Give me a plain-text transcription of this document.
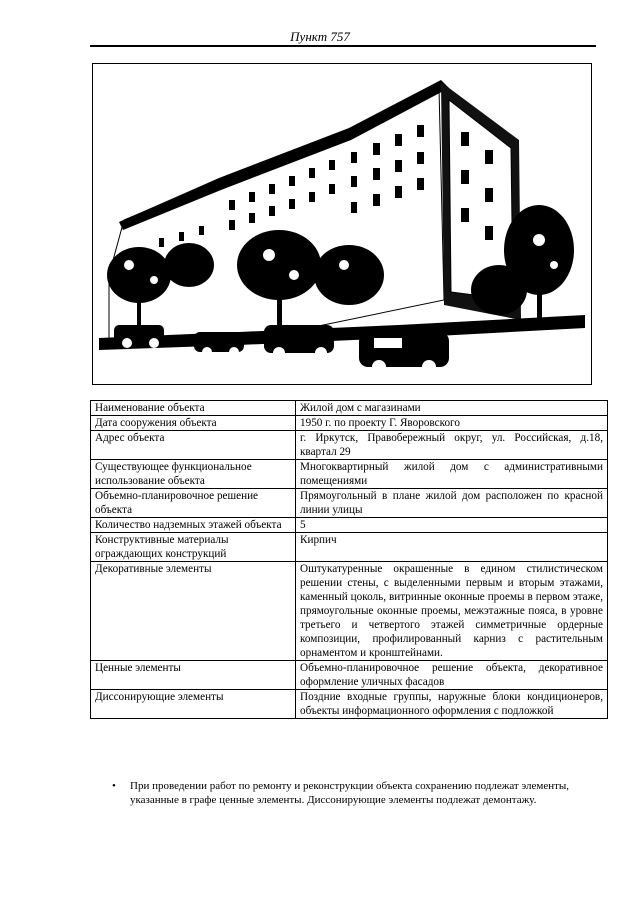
Пункт 757
Наименование объекта	Жилой дом с магазинами
Дата сооружения объекта	1950 г. по проекту Г. Яворовского
Адрес объекта	г. Иркутск, Правобережный округ, ул. Российская, д.18, квартал 29
Существующее функциональное использование объекта	Многоквартирный жилой дом с административными помещениями
Объемно-планировочное решение объекта	Прямоугольный в плане жилой дом расположен по красной линии улицы
Количество надземных этажей объекта	5
Конструктивные материалы ограждающих конструкций	Кирпич
Декоративные элементы	Оштукатуренные окрашенные в едином стилистическом решении стены, с выделенными первым и вторым этажами, каменный цоколь, витринные оконные проемы в первом этаже, прямоугольные оконные проемы, межэтажные пояса, в уровне третьего и четвертого этажей симметричные ордерные композиции, профилированный карниз с растительным орнаментом и кронштейнами.
Ценные элементы	Объемно-планировочное решение объекта, декоративное оформление уличных фасадов
Диссонирующие элементы	Поздние входные группы, наружные блоки кондиционеров, объекты информационного оформления с подложкой
• При проведении работ по ремонту и реконструкции объекта сохранению подлежат элементы, указанные в графе ценные элементы. Диссонирующие элементы подлежат демонтажу.
